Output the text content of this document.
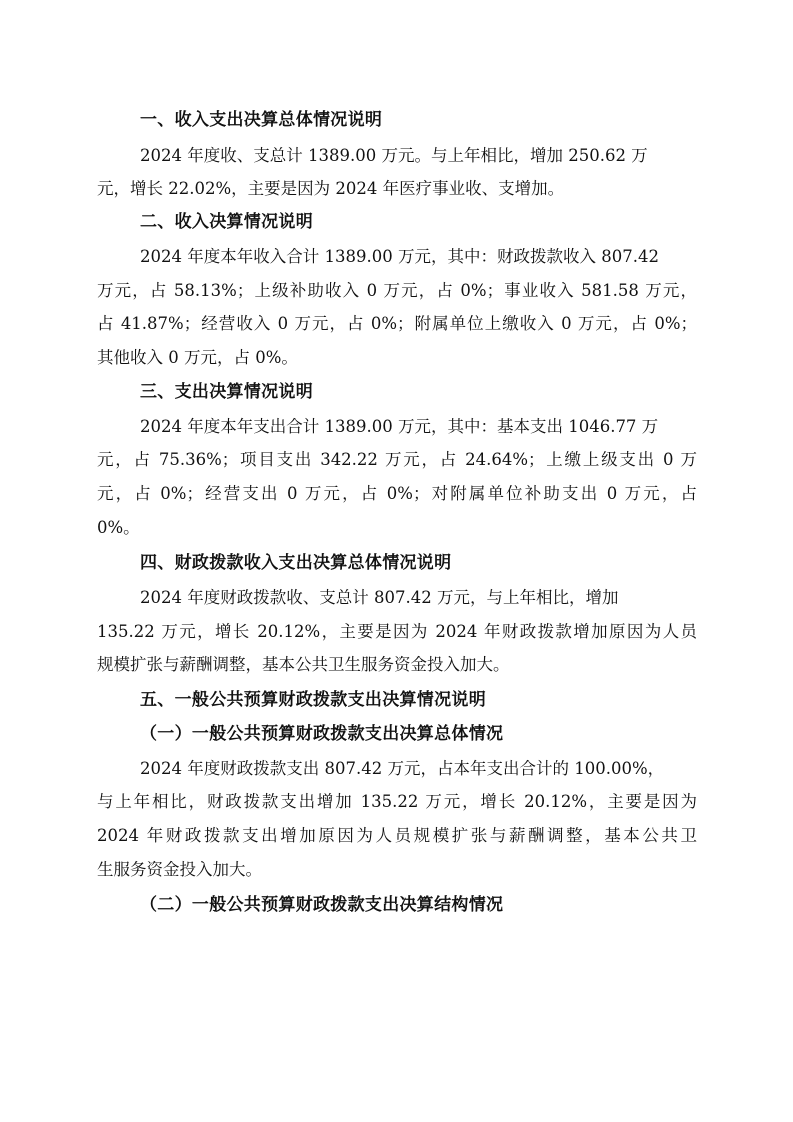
一、收入支出决算总体情况说明
2024 年度收、支总计 1389.00 万元。与上年相比，增加 250.62 万
元，增长 22.02%，主要是因为 2024 年医疗事业收、支增加。
二、收入决算情况说明
2024 年度本年收入合计 1389.00 万元，其中：财政拨款收入 807.42
万元，占 58.13%；上级补助收入 0 万元，占 0%；事业收入 581.58 万元，
占 41.87%；经营收入 0 万元，占 0%；附属单位上缴收入 0 万元，占 0%；
其他收入 0 万元，占 0%。
三、支出决算情况说明
2024 年度本年支出合计 1389.00 万元，其中：基本支出 1046.77 万
元，占 75.36%；项目支出 342.22 万元，占 24.64%；上缴上级支出 0 万
元，占 0%；经营支出 0 万元，占 0%；对附属单位补助支出 0 万元，占
0%。
四、财政拨款收入支出决算总体情况说明
2024 年度财政拨款收、支总计 807.42 万元，与上年相比，增加
135.22 万元，增长 20.12%，主要是因为 2024 年财政拨款增加原因为人员
规模扩张与薪酬调整，基本公共卫生服务资金投入加大。
五、一般公共预算财政拨款支出决算情况说明
（一）一般公共预算财政拨款支出决算总体情况
2024 年度财政拨款支出 807.42 万元，占本年支出合计的 100.00%，
与上年相比，财政拨款支出增加 135.22 万元，增长 20.12%，主要是因为
2024 年财政拨款支出增加原因为人员规模扩张与薪酬调整，基本公共卫
生服务资金投入加大。
（二）一般公共预算财政拨款支出决算结构情况
